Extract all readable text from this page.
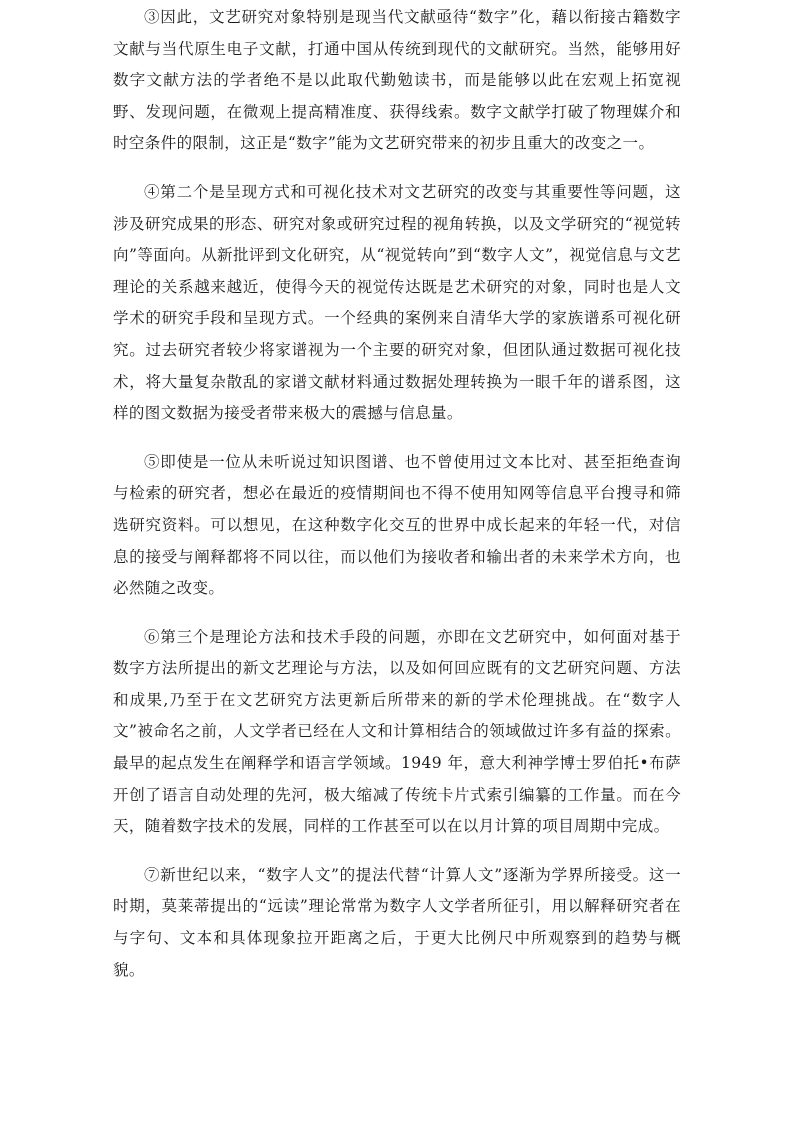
③因此，文艺研究对象特别是现当代文献亟待“数字”化，藉以衔接古籍数字文献与当代原生电子文献，打通中国从传统到现代的文献研究。当然，能够用好数字文献方法的学者绝不是以此取代勤勉读书，而是能够以此在宏观上拓宽视野、发现问题，在微观上提高精准度、获得线索。数字文献学打破了物理媒介和时空条件的限制，这正是“数字”能为文艺研究带来的初步且重大的改变之一。

④第二个是呈现方式和可视化技术对文艺研究的改变与其重要性等问题，这涉及研究成果的形态、研究对象或研究过程的视角转换，以及文学研究的“视觉转向”等面向。从新批评到文化研究，从“视觉转向”到“数字人文”，视觉信息与文艺理论的关系越来越近，使得今天的视觉传达既是艺术研究的对象，同时也是人文学术的研究手段和呈现方式。一个经典的案例来自清华大学的家族谱系可视化研究。过去研究者较少将家谱视为一个主要的研究对象，但团队通过数据可视化技术，将大量复杂散乱的家谱文献材料通过数据处理转换为一眼千年的谱系图，这样的图文数据为接受者带来极大的震撼与信息量。

⑤即使是一位从未听说过知识图谱、也不曾使用过文本比对、甚至拒绝查询与检索的研究者，想必在最近的疫情期间也不得不使用知网等信息平台搜寻和筛选研究资料。可以想见，在这种数字化交互的世界中成长起来的年轻一代，对信息的接受与阐释都将不同以往，而以他们为接收者和输出者的未来学术方向，也必然随之改变。

⑥第三个是理论方法和技术手段的问题，亦即在文艺研究中，如何面对基于数字方法所提出的新文艺理论与方法，以及如何回应既有的文艺研究问题、方法和成果,乃至于在文艺研究方法更新后所带来的新的学术伦理挑战。在“数字人文”被命名之前，人文学者已经在人文和计算相结合的领域做过许多有益的探索。最早的起点发生在阐释学和语言学领域。1949 年，意大利神学博士罗伯托•布萨开创了语言自动处理的先河，极大缩减了传统卡片式索引编纂的工作量。而在今天，随着数字技术的发展，同样的工作甚至可以在以月计算的项目周期中完成。

⑦新世纪以来，“数字人文”的提法代替“计算人文”逐渐为学界所接受。这一时期，莫莱蒂提出的“远读”理论常常为数字人文学者所征引，用以解释研究者在与字句、文本和具体现象拉开距离之后，于更大比例尺中所观察到的趋势与概貌。
